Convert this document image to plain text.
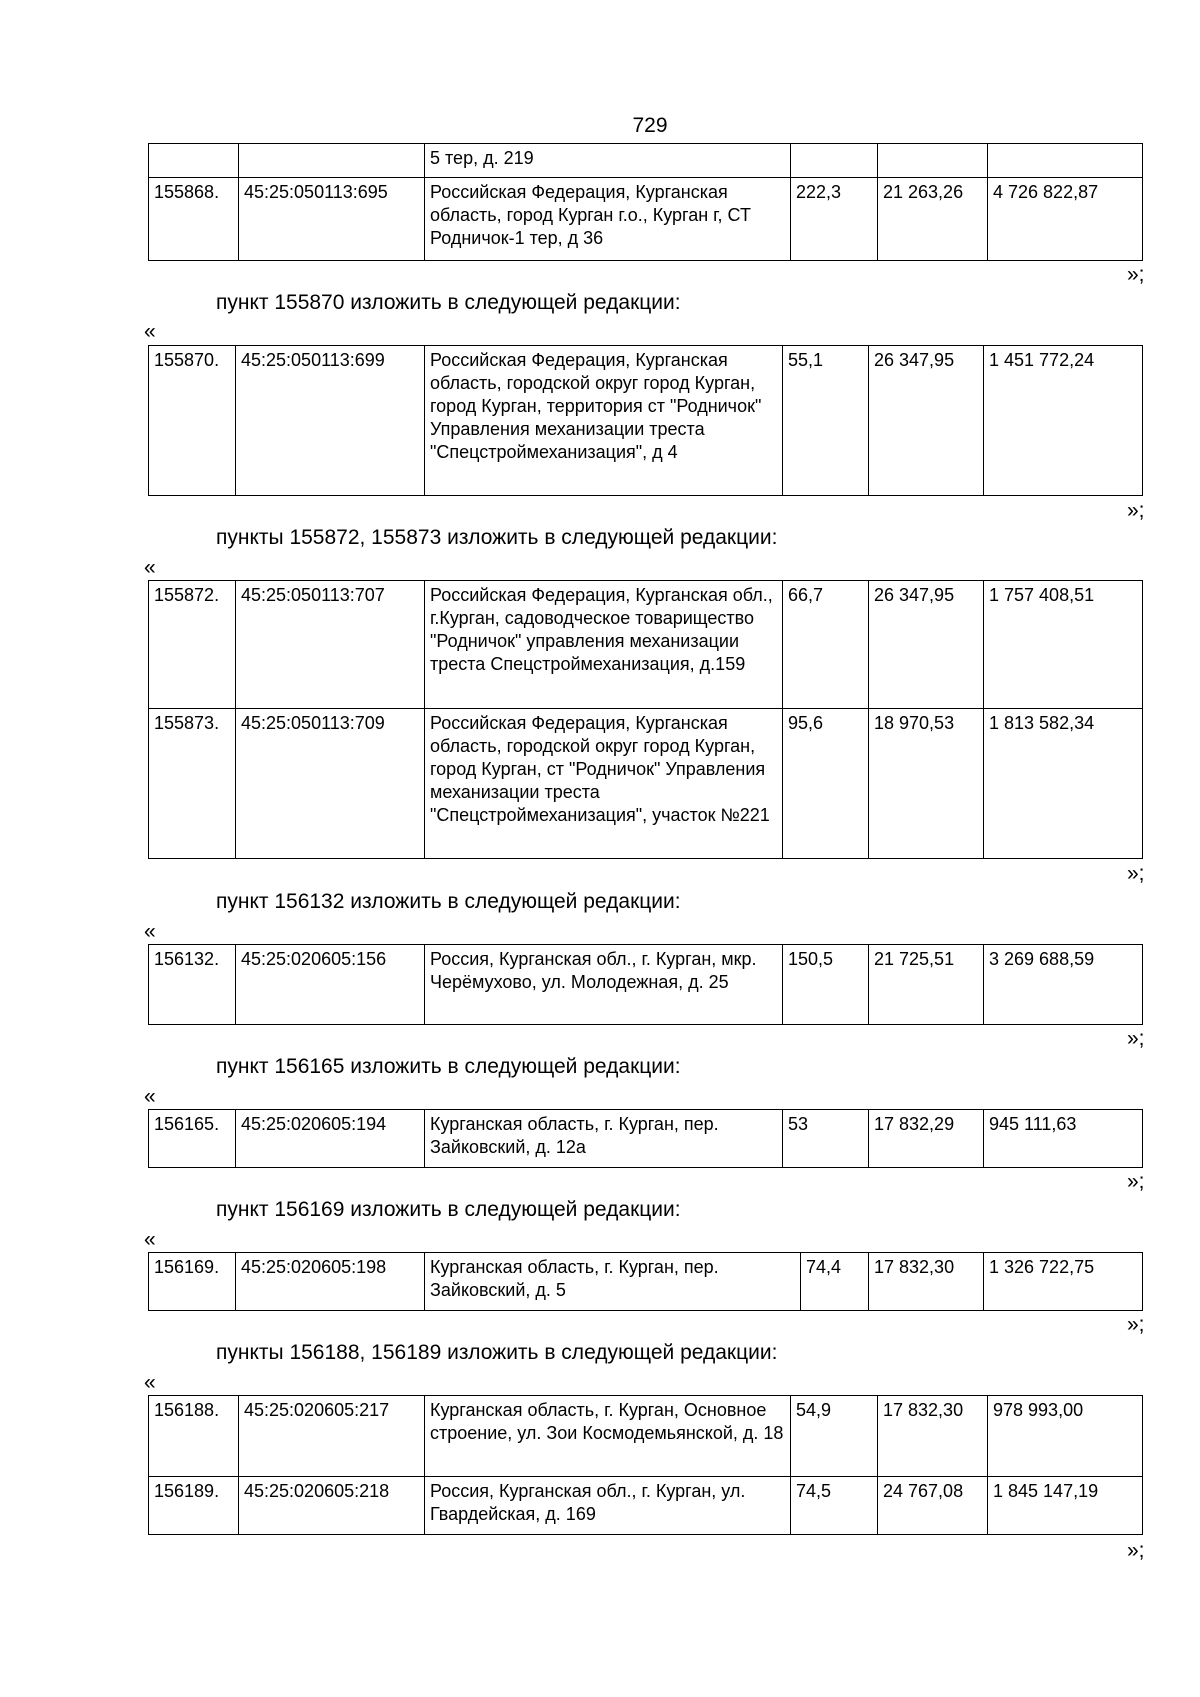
729
		5 тер, д. 219			
155868.	45:25:050113:695	Российская Федерация, Курганская область, город Курган г.о., Курган г, СТ Родничок-1 тер, д 36	222,3	21 263,26	4 726 822,87
»;
пункт 155870 изложить в следующей редакции:
«
155870.	45:25:050113:699	Российская Федерация, Курганская область, городской округ город Курган, город Курган, территория ст "Родничок" Управления механизации треста "Спецстроймеханизация", д 4	55,1	26 347,95	1 451 772,24
»;
пункты 155872, 155873 изложить в следующей редакции:
«
155872.	45:25:050113:707	Российская Федерация, Курганская обл., г.Курган, садоводческое товарищество "Родничок" управления механизации треста Спецстроймеханизация, д.159	66,7	26 347,95	1 757 408,51
155873.	45:25:050113:709	Российская Федерация, Курганская область, городской округ город Курган, город Курган, ст "Родничок" Управления механизации треста "Спецстроймеханизация", участок №221	95,6	18 970,53	1 813 582,34
»;
пункт 156132 изложить в следующей редакции:
«
156132.	45:25:020605:156	Россия, Курганская обл., г. Курган, мкр. Черёмухово, ул. Молодежная, д. 25	150,5	21 725,51	3 269 688,59
»;
пункт 156165 изложить в следующей редакции:
«
156165.	45:25:020605:194	Курганская область, г. Курган, пер. Зайковский, д. 12а	53	17 832,29	945 111,63
»;
пункт 156169 изложить в следующей редакции:
«
156169.	45:25:020605:198	Курганская область, г. Курган, пер. Зайковский, д. 5	74,4	17 832,30	1 326 722,75
»;
пункты 156188, 156189 изложить в следующей редакции:
«
156188.	45:25:020605:217	Курганская область, г. Курган, Основное строение, ул. Зои Космодемьянской, д. 18	54,9	17 832,30	978 993,00
156189.	45:25:020605:218	Россия, Курганская обл., г. Курган, ул. Гвардейская, д. 169	74,5	24 767,08	1 845 147,19
»;
